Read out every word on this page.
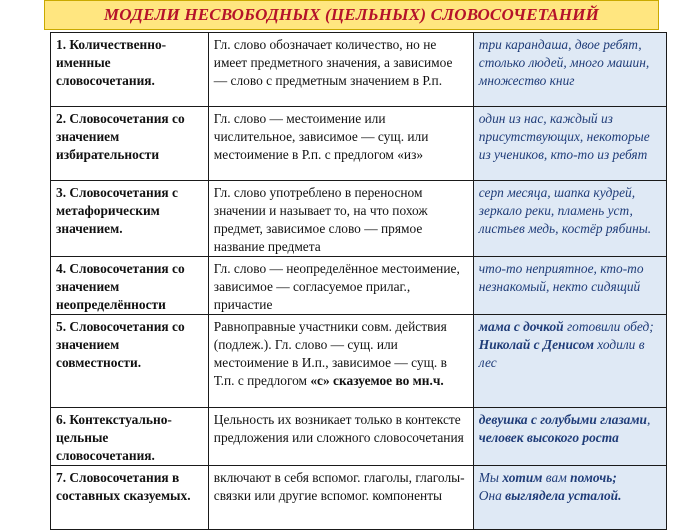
МОДЕЛИ НЕСВОБОДНЫХ (ЦЕЛЬНЫХ) СЛОВОСОЧЕТАНИЙ
1. Количественно-именные словосочетания.	Гл. слово обозначает количество, но не имеет предметного значения, а зависимое — слово с предметным значением в Р.п.	три карандаша, двое ребят, столько людей, много машин, множество книг
2. Словосочетания со значением избирательности	Гл. слово — местоимение или числительное, зависимое — сущ. или местоимение в Р.п. с предлогом «из»	один из нас, каждый из присутствующих, некоторые из учеников, кто-то из ребят
3. Словосочетания с метафорическим значением.	Гл. слово употреблено в переносном значении и называет то, на что похож предмет, зависимое слово — прямое название предмета	серп месяца, шапка кудрей, зеркало реки, пламень уст, листьев медь, костёр рябины.
4. Словосочетания со значением неопределённости	Гл. слово — неопределённое местоимение, зависимое — согласуемое прилаг., причастие	что-то неприятное, кто-то незнакомый, некто сидящий
5. Словосочетания со значением совместности.	Равноправные участники совм. действия (подлеж.). Гл. слово — сущ. или местоимение в И.п., зависимое — сущ. в Т.п. с предлогом «с» сказуемое во мн.ч.	мама с дочкой готовили обед; Николай с Денисом ходили в лес
6. Контекстуально-цельные словосочетания.	Цельность их возникает только в контексте предложения или сложного словосочетания	девушка с голубыми глазами, человек высокого роста
7. Словосочетания в составных сказуемых.	включают в себя вспомог. глаголы, глаголы-связки или другие вспомог. компоненты	Мы хотим вам помочь;
Она выглядела усталой.
